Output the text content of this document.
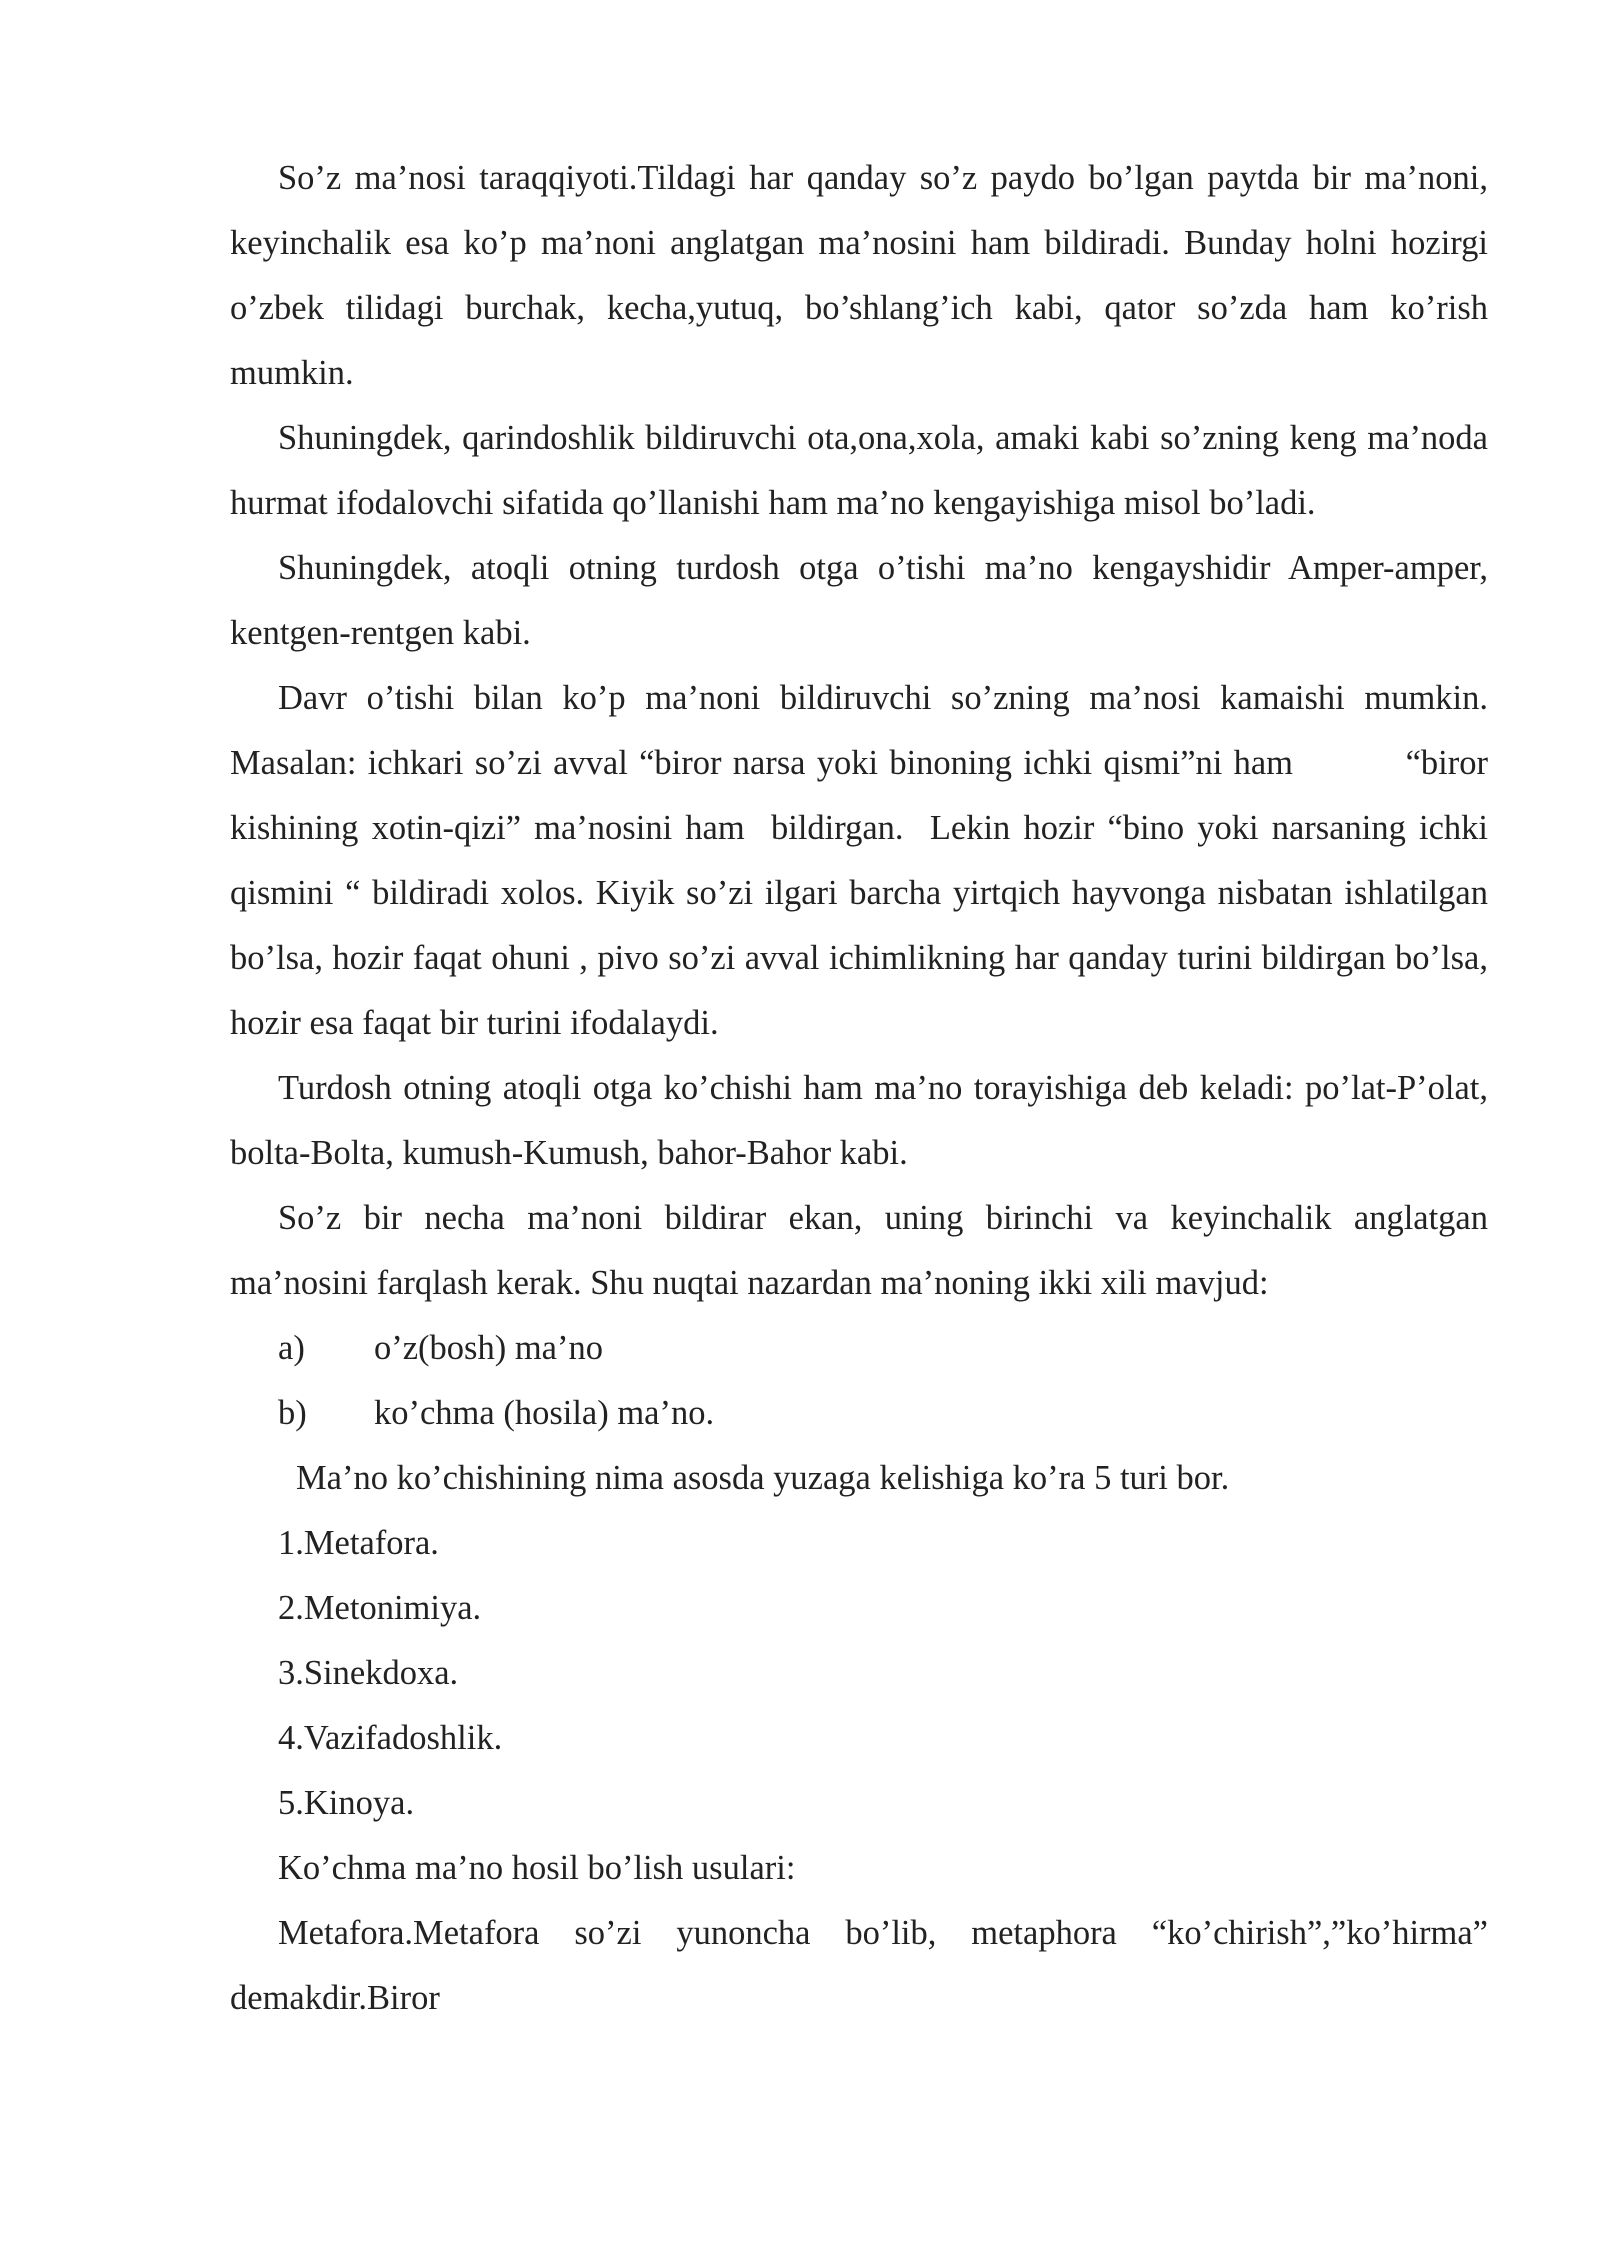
So’z ma’nosi taraqqiyoti.Tildagi har qanday so’z paydo bo’lgan paytda bir ma’noni, keyinchalik esa ko’p ma’noni anglatgan ma’nosini ham bildiradi. Bunday holni hozirgi o’zbek tilidagi burchak, kecha,yutuq, bo’shlang’ich kabi, qator so’zda ham ko’rish mumkin.

Shuningdek, qarindoshlik bildiruvchi ota,ona,xola, amaki kabi so’zning keng ma’noda hurmat ifodalovchi sifatida qo’llanishi ham ma’no kengayishiga misol bo’ladi.

Shuningdek, atoqli otning turdosh otga o’tishi ma’no kengayshidir Amper-amper, kentgen-rentgen kabi.

Davr o’tishi bilan ko’p ma’noni bildiruvchi so’zning ma’nosi kamaishi mumkin. Masalan: ichkari so’zi avval “biror narsa yoki binoning ichki qismi”ni ham          “biror kishining xotin-qizi” ma’nosini ham  bildirgan.  Lekin hozir “bino yoki narsaning ichki qismini “ bildiradi xolos. Kiyik so’zi ilgari barcha yirtqich hayvonga nisbatan ishlatilgan bo’lsa, hozir faqat ohuni , pivo so’zi avval ichimlikning har qanday turini bildirgan bo’lsa, hozir esa faqat bir turini ifodalaydi.

Turdosh otning atoqli otga ko’chishi ham ma’no torayishiga deb keladi: po’lat-P’olat, bolta-Bolta, kumush-Kumush, bahor-Bahor kabi.

So’z bir necha ma’noni bildirar ekan, uning birinchi va keyinchalik anglatgan ma’nosini farqlash kerak. Shu nuqtai nazardan ma’noning ikki xili mavjud:

a)	o’z(bosh) ma’no
b)	ko’chma (hosila) ma’no.

Ma’no ko’chishining nima asosda yuzaga kelishiga ko’ra 5 turi bor.

1.Metafora.
2.Metonimiya.
3.Sinekdoxa.
4.Vazifadoshlik.
5.Kinoya.

Ko’chma ma’no hosil bo’lish usulari:

Metafora.Metafora so’zi yunoncha bo’lib, metaphora “ko’chirish”,”ko’hirma” demakdir.Biror
